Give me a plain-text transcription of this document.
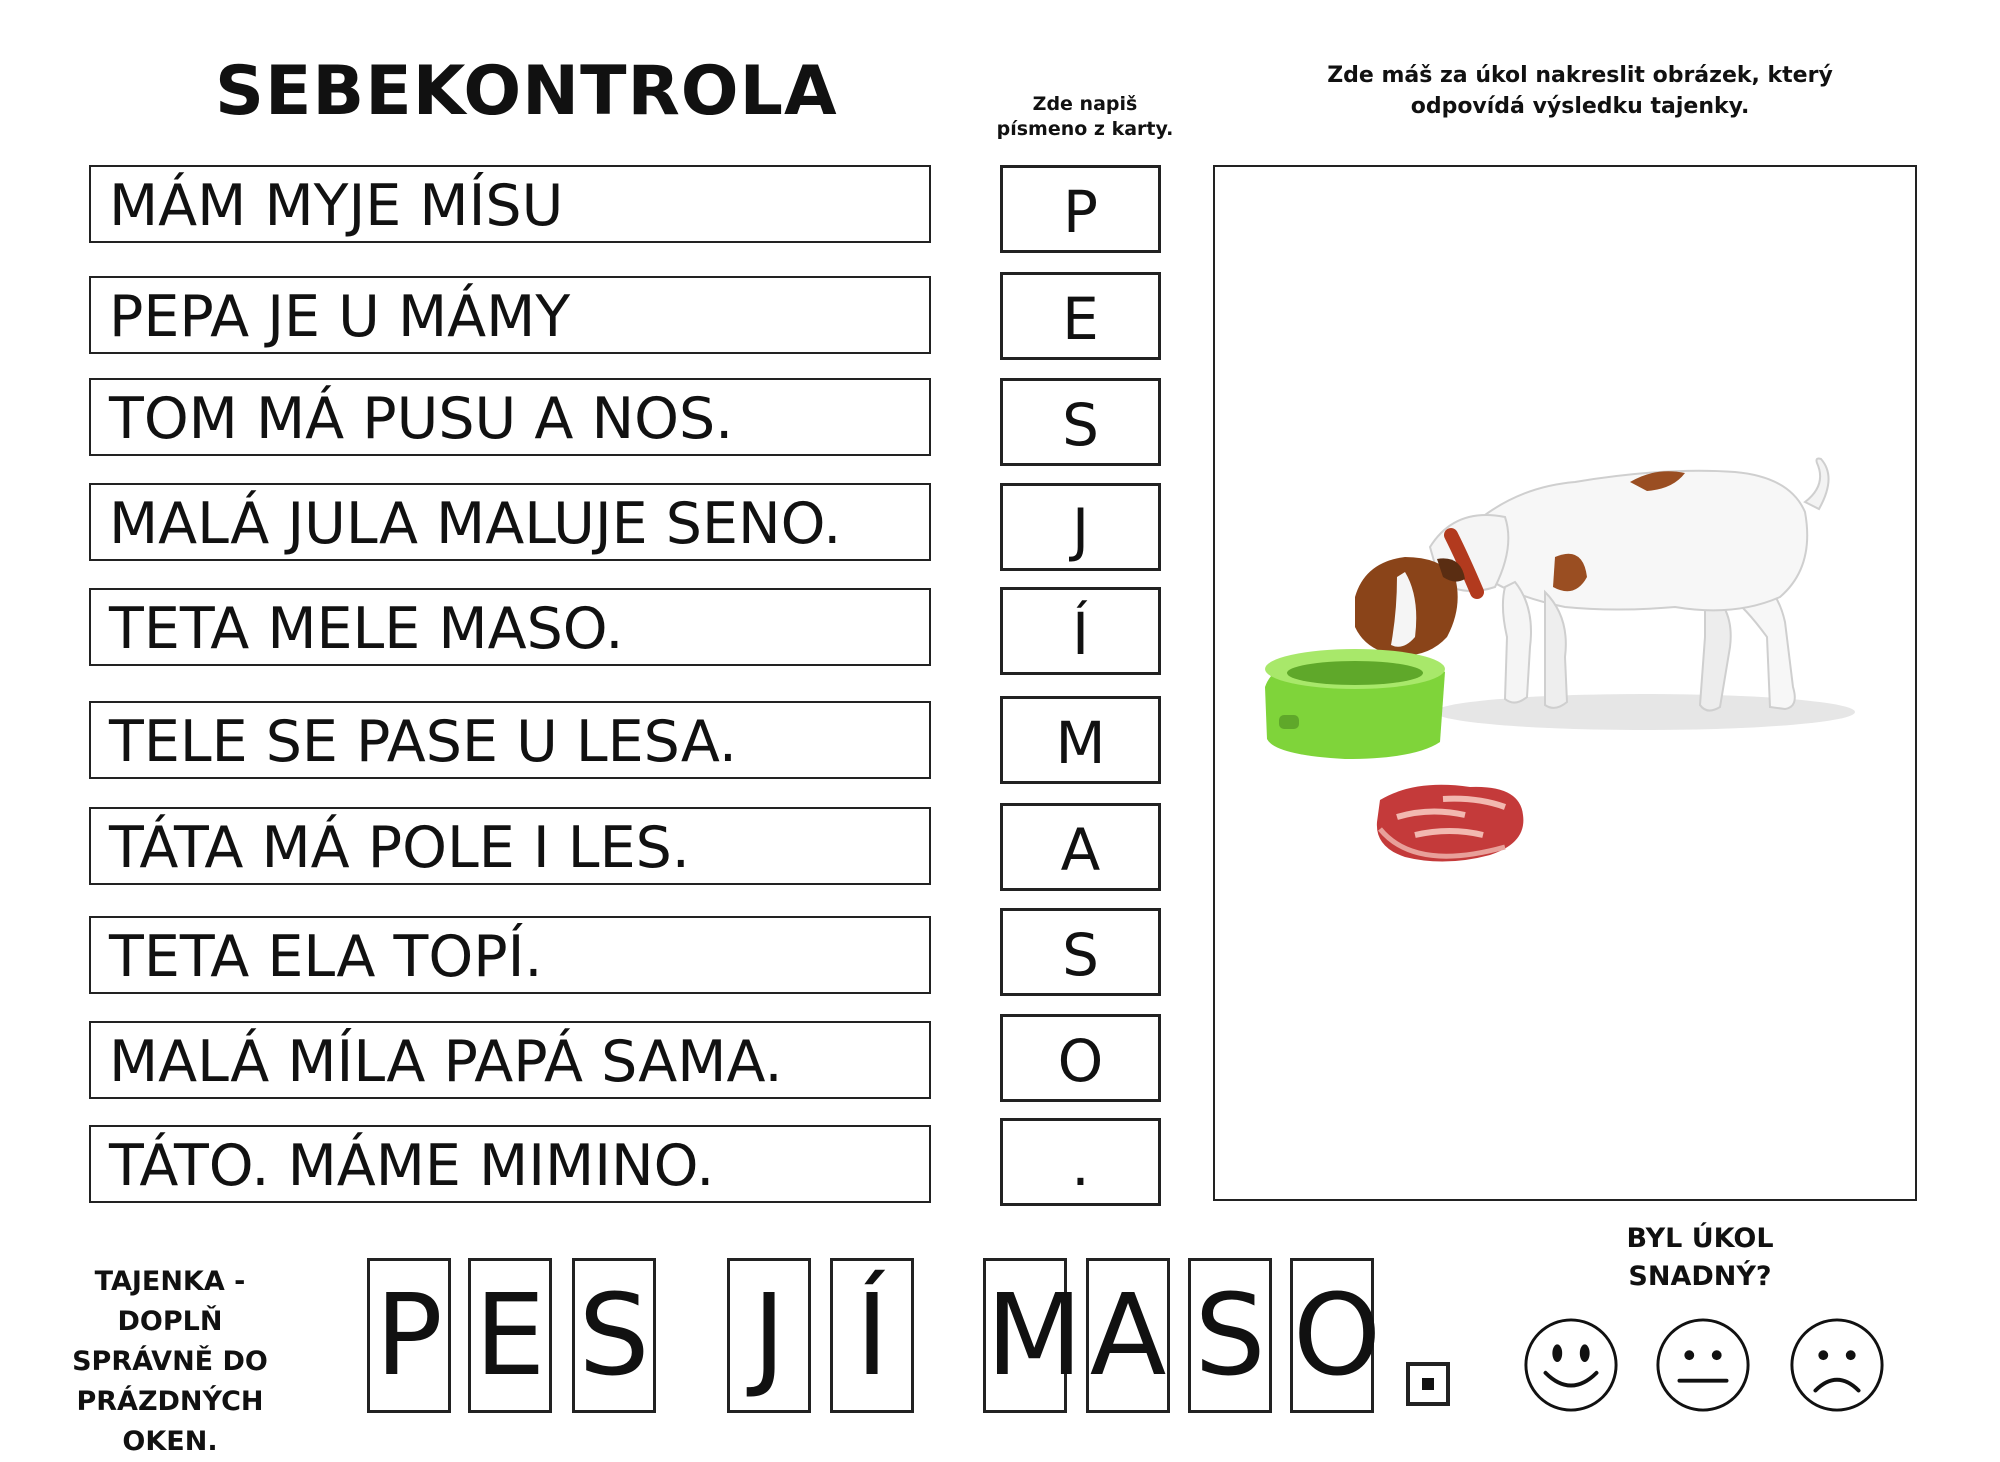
SEBEKONTROLA	Zde napiš
písmeno z karty.
Zde máš za úkol nakreslit obrázek, který
odpovídá výsledku tajenky.
MÁM MYJE MÍSU
PEPA JE U MÁMY
TOM MÁ PUSU A NOS.
MALÁ JULA MALUJE SENO.
TETA MELE MASO.
TELE SE PASE U LESA.
TÁTA MÁ POLE I LES.
TETA ELA TOPÍ.
MALÁ MÍLA PAPÁ SAMA.
TÁTO. MÁME MIMINO.
P
E
S
J
Í
M
A
S
O
.
TAJENKA - DOPLŇ
SPRÁVNĚ DO
PRÁZDNÝCH
OKEN.
P E S J Í M A S O
BYL ÚKOL
SNADNÝ?
